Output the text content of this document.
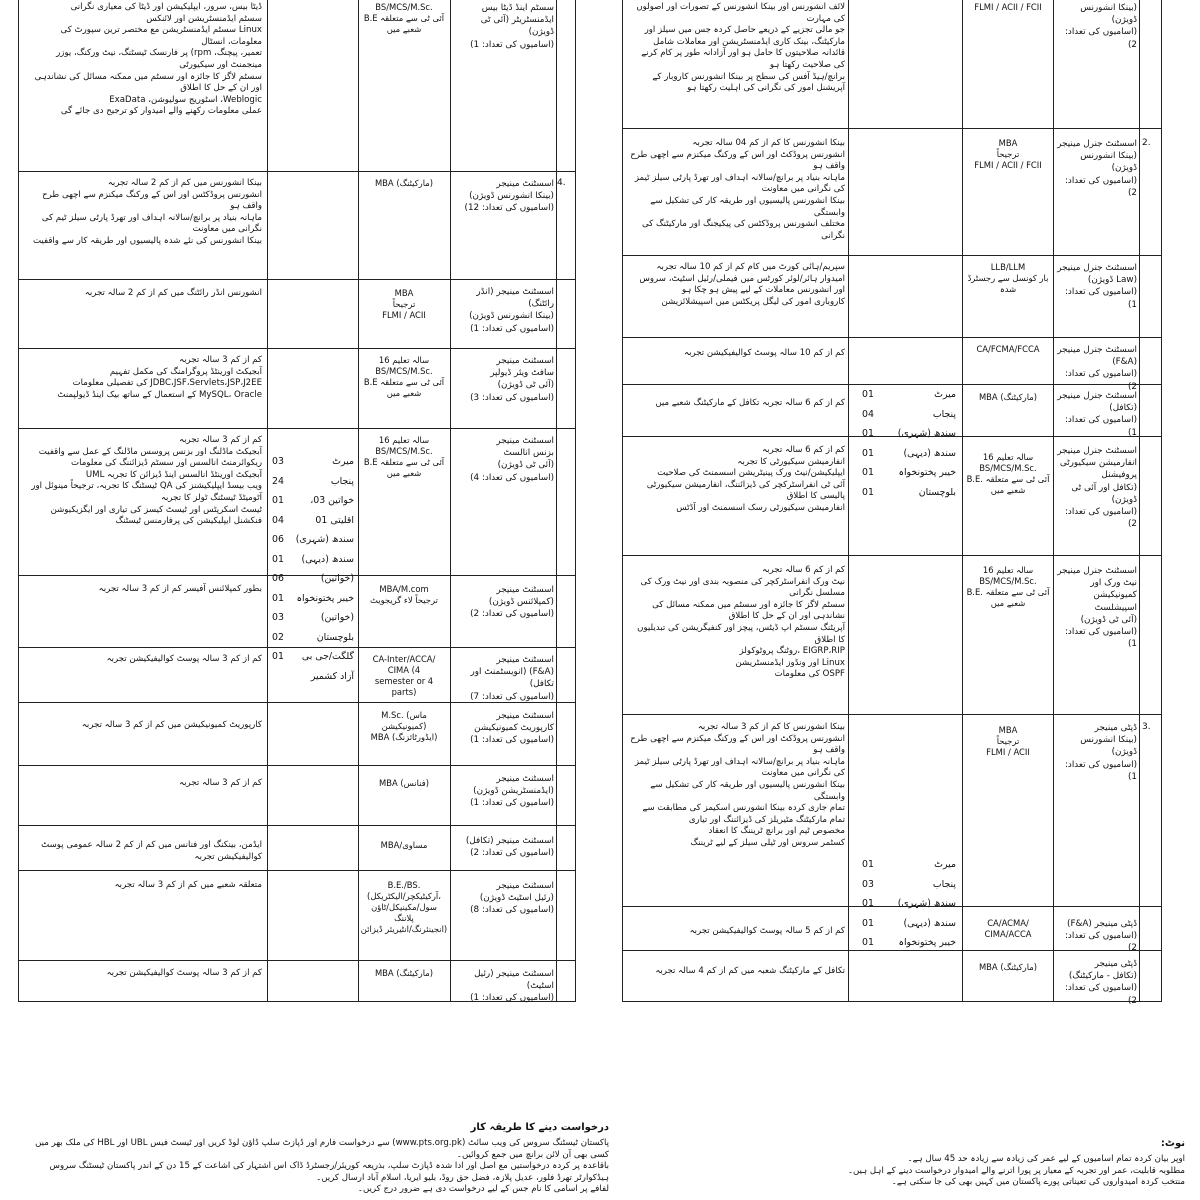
سسٹم اینڈ ڈیٹا بیس
ایڈمنسٹریٹر (آئی ٹی ڈویژن)
(اسامیوں کی تعداد: 1)
BS/MCS/M.Sc.
B.E آئی ٹی سے متعلقہ
شعبے میں
ڈیٹا بیس، سرور، ایپلیکیشن اور ڈیٹا کی معیاری نگرانی
سسٹم ایڈمنسٹریشن اور لائنکس
Linux سسٹم ایڈمنسٹریشن مع مختصر ترین سپورٹ کی معلومات، انسٹال
تعمیر، پیچنگ، rpm) پر فارنسک ٹیسٹنگ، نیٹ ورکنگ، یوزر مینجمنٹ اور سیکیورٹی
سسٹم لاگز کا جائزہ اور سسٹم میں ممکنہ مسائل کی نشاندہی اور ان کے حل کا اطلاق
Weblogic، اسٹوریج سولیوشن، ExaData
عملی معلومات رکھنے والے امیدوار کو ترجیح دی جائے گی
4.
اسسٹنٹ مینیجر
(بینکا انشورنس ڈویژن)
(اسامیوں کی تعداد: 12)
MBA (مارکیٹنگ)
بینکا انشورنس میں کم از کم 2 سالہ تجربہ
انشورنس پروڈکٹس اور اس کے ورکنگ میکنزم سے اچھی طرح واقف ہو
ماہانہ بنیاد پر برانچ/سالانہ اہداف اور تھرڈ پارٹی سیلز ٹیم کی نگرانی میں معاونت
بینکا انشورنس کی نئے شدہ پالیسیوں اور طریقہ کار سے واقفیت
اسسٹنٹ مینیجر (انڈر رائٹنگ)
(بینکا انشورنس ڈویژن)
(اسامیوں کی تعداد: 1)
MBA
ترجیحاً
FLMI / ACII
انشورنس انڈر رائٹنگ میں کم از کم 2 سالہ تجربہ
اسسٹنٹ مینیجر
سافٹ ویئر ڈیولپر
(آئی ٹی ڈویژن)
(اسامیوں کی تعداد: 3)
16 سالہ تعلیم
BS/MCS/M.Sc.
B.E آئی ٹی سے متعلقہ
شعبے میں
کم از کم 3 سالہ تجربہ
آبجیکٹ اورینٹڈ پروگرامنگ کی مکمل تفہیم
JDBC،JSF،Servlets،JSP،J2EE کی تفصیلی معلومات
MySQL، Oracle کے استعمال کے ساتھ بیک اینڈ ڈیولپمنٹ
اسسٹنٹ مینیجر
بزنس انالسٹ
(آئی ٹی ڈویژن)
(اسامیوں کی تعداد: 4)
16 سالہ تعلیم
BS/MCS/M.Sc.
B.E آئی ٹی سے متعلقہ
شعبے میں
کم از کم 3 سالہ تجربہ
آبجیکٹ ماڈلنگ اور بزنس پروسس ماڈلنگ کے عمل سے واقفیت
ریکوائرمنٹ انالسس اور سسٹم ڈیزائننگ کی معلومات
آبجیکٹ اورینٹڈ انالسس اینڈ ڈیزائن کا تجربہ UML
ویب بیسڈ ایپلیکیشنز کی QA ٹیسٹنگ کا تجربہ، ترجیحاً مینوئل اور آٹومیٹڈ ٹیسٹنگ ٹولز کا تجربہ
ٹیسٹ اسکرپٹس اور ٹیسٹ کیسز کی تیاری اور ایگزیکیوشن
فنکشنل ایپلیکیشن کی پرفارمنس ٹیسٹنگ
اسسٹنٹ مینیجر
(کمپلائنس ڈویژن)
(اسامیوں کی تعداد: 2)
MBA/M.com
ترجیحاً لاء گریجویٹ
بطور کمپلائنس آفیسر کم از کم 3 سالہ تجربہ
اسسٹنٹ مینیجر
(F&A) (انویسٹمنٹ اور تکافل)
(اسامیوں کی تعداد: 7)
CA-Inter/ACCA/
CIMA (4
semester or 4
parts)
کم از کم 3 سالہ پوسٹ کوالیفیکیشن تجربہ
اسسٹنٹ مینیجر
کارپوریٹ کمیونیکیشن
(اسامیوں کی تعداد: 1)
M.Sc. (ماس کمیونیکیشن)
MBA (ایڈورٹائزنگ)
کارپوریٹ کمیونیکیشن میں کم از کم 3 سالہ تجربہ
اسسٹنٹ مینیجر
(ایڈمنسٹریشن ڈویژن)
(اسامیوں کی تعداد: 1)
MBA (فنانس)
کم از کم 3 سالہ تجربہ
اسسٹنٹ مینیجر (تکافل)
(اسامیوں کی تعداد: 2)
MBA/مساوی
ایڈمن، بینکنگ اور فنانس میں کم از کم 2 سالہ عمومی پوسٹ کوالیفیکیشن تجربہ
اسسٹنٹ مینیجر
(رئیل اسٹیٹ ڈویژن)
(اسامیوں کی تعداد: 8)
B.E./BS.
(آرکیٹیکچر/الیکٹریکل،
سول/مکینیکل/ٹاؤن پلاننگ
انجینئرنگ/انٹیریئر ڈیزائن)
متعلقہ شعبے میں کم از کم 3 سالہ تجربہ
اسسٹنٹ مینیجر (رئیل اسٹیٹ)
(اسامیوں کی تعداد: 1)
MBA (مارکیٹنگ)
کم از کم 3 سالہ پوسٹ کوالیفیکیشن تجربہ
میرٹ
پنجاب
خواتین 03، اقلیتی 01
سندھ (شہری)
سندھ (دیہی)
(خواتین)
خیبر پختونخواہ
(خواتین)
بلوچستان
گلگت/جی بی
آزاد کشمیر
03
24
01
04
06
01
06
01
03
02
01
(بینکا انشورنس ڈویژن)
(اسامیوں کی تعداد: 2)
FLMI / ACII / FCII
لائف انشورنس اور بینکا انشورنس کے تصورات اور اصولوں کی مہارت
جو مالی تجزیے کے ذریعے حاصل کردہ جس میں سیلز اور مارکیٹنگ، بینک کاری ایڈمنسٹریشن اور معاملات شامل
قائدانہ صلاحیتوں کا حامل ہو اور آزادانہ طور پر کام کرنے کی صلاحیت رکھتا ہو
برانچ/ہیڈ آفس کی سطح پر بینکا انشورنس کاروبار کے آپریشنل امور کی نگرانی کی اہلیت رکھتا ہو
2.
اسسٹنٹ جنرل مینیجر
(بینکا انشورنس ڈویژن)
(اسامیوں کی تعداد: 2)
MBA
ترجیحاً
FLMI / ACII / FCII
بینکا انشورنس کا کم از کم 04 سالہ تجربہ
انشورنس پروڈکٹ اور اس کے ورکنگ میکنزم سے اچھی طرح واقف ہو
ماہانہ بنیاد پر برانچ/سالانہ اہداف اور تھرڈ پارٹی سیلز ٹیمز کی نگرانی میں معاونت
بینکا انشورنس پالیسیوں اور طریقہ کار کی تشکیل سے وابستگی
مختلف انشورنس پروڈکٹس کی پیکیجنگ اور مارکیٹنگ کی نگرانی
اسسٹنٹ جنرل مینیجر
(Law ڈویژن)
(اسامیوں کی تعداد: 1)
LLB/LLM
بار کونسل سے رجسٹرڈ شدہ
سپریم/ہائی کورٹ میں کام کم از کم 10 سالہ تجربہ
امیدوار ہائر/لوئر کورٹس میں فیملی/رئیل اسٹیٹ، سروس اور انشورنس معاملات کے لیے پیش ہو چکا ہو
کاروباری امور کی لیگل پریکٹس میں اسپیشلائزیشن
اسسٹنٹ جنرل مینیجر (F&A)
(اسامیوں کی تعداد: 2)
CA/FCMA/FCCA
کم از کم 10 سالہ پوسٹ کوالیفیکیشن تجربہ
اسسٹنٹ جنرل مینیجر (تکافل)
(اسامیوں کی تعداد: 1)
MBA (مارکیٹنگ)
کم از کم 6 سالہ تجربہ تکافل کے مارکیٹنگ شعبے میں
اسسٹنٹ جنرل مینیجر
انفارمیشن سیکیورٹی پروفیشنل
(تکافل اور آئی ٹی ڈویژن)
(اسامیوں کی تعداد: 2)
16 سالہ تعلیم
BS/MCS/M.Sc.
B.E. آئی ٹی سے متعلقہ
شعبے میں
کم از کم 6 سالہ تجربہ
انفارمیشن سیکیورٹی کا تجربہ
ایپلیکیشن/نیٹ ورک پینیٹریشن اسسمنٹ کی صلاحیت
آئی ٹی انفراسٹرکچر کی ڈیزائننگ، انفارمیشن سیکیورٹی پالیسی کا اطلاق
انفارمیشن سیکیورٹی رسک اسسمنٹ اور آڈٹس
اسسٹنٹ جنرل مینیجر
نیٹ ورک اور کمیونیکیشن
اسپیشلسٹ
(آئی ٹی ڈویژن)
(اسامیوں کی تعداد: 1)
16 سالہ تعلیم
BS/MCS/M.Sc.
B.E. آئی ٹی سے متعلقہ
شعبے میں
کم از کم 6 سالہ تجربہ
نیٹ ورک انفراسٹرکچر کی منصوبہ بندی اور نیٹ ورک کی مسلسل نگرانی
سسٹم لاگز کا جائزہ اور سسٹم میں ممکنہ مسائل کی نشاندہی اور ان کے حل کا اطلاق
آپریٹنگ سسٹم اپ ڈیٹس، پیچز اور کنفیگریشن کی تبدیلیوں کا اطلاق
EIGRP،RIP ،روٹنگ پروٹوکولز
Linux اور ونڈوز ایڈمنسٹریشن
OSPF کی معلومات
3.
ڈپٹی مینیجر
(بینکا انشورنس ڈویژن)
(اسامیوں کی تعداد: 1)
MBA
ترجیحاً
FLMI / ACII
بینکا انشورنس کا کم از کم 3 سالہ تجربہ
انشورنس پروڈکٹ اور اس کے ورکنگ میکنزم سے اچھی طرح واقف ہو
ماہانہ بنیاد پر برانچ/سالانہ اہداف اور تھرڈ پارٹی سیلز ٹیمز کی نگرانی میں معاونت
بینکا انشورنس پالیسیوں اور طریقہ کار کی تشکیل سے وابستگی
تمام جاری کردہ بینکا انشورنس اسکیمز کی مطابقت سے تمام مارکیٹنگ مٹیریلز کی ڈیزائننگ اور تیاری
مخصوص ٹیم اور برانچ ٹریننگ کا انعقاد
کسٹمر سروس اور ٹیلی سیلز کے لیے ٹریننگ
ڈپٹی مینیجر (F&A)
(اسامیوں کی تعداد: 2)
CA/ACMA/
CIMA/ACCA
کم از کم 5 سالہ پوسٹ کوالیفیکیشن تجربہ
ڈپٹی مینیجر
(تکافل - مارکیٹنگ)
(اسامیوں کی تعداد: 2)
MBA (مارکیٹنگ)
تکافل کے مارکیٹنگ شعبہ میں کم از کم 4 سالہ تجربہ
میرٹ
پنجاب
سندھ (شہری)
سندھ (دیہی)
خیبر پختونخواہ
بلوچستان
01
04
01
01
01
01
میرٹ
پنجاب
سندھ (شہری)
سندھ (دیہی)
خیبر پختونخواہ
01
03
01
01
01
درخواست دینے کا طریقہ کار
پاکستان ٹیسٹنگ سروس کی ویب سائٹ (www.pts.org.pk) سے درخواست فارم اور ڈپازٹ سلپ ڈاؤن لوڈ کریں اور ٹیسٹ فیس UBL اور HBL کی ملک بھر میں کسی بھی آن لائن برانچ میں جمع کروائیں۔
باقاعدہ پر کردہ درخواستیں مع اصل اور ادا شدہ ڈپازٹ سلپ، بذریعہ کوریئر/رجسٹرڈ ڈاک اس اشتہار کی اشاعت کے 15 دن کے اندر پاکستان ٹیسٹنگ سروس ہیڈکوارٹر تھرڈ فلور، عدیل پلازہ، فضل حق روڈ، بلیو ایریا، اسلام آباد ارسال کریں۔
لفافے پر اسامی کا نام جس کے لیے درخواست دی ہے ضرور درج کریں۔
نوٹ:
اوپر بیان کردہ تمام اسامیوں کے لیے عمر کی زیادہ سے زیادہ حد 45 سال ہے۔
مطلوبہ قابلیت، عمر اور تجربہ کے معیار پر پورا اترنے والے امیدوار درخواست دینے کے اہل ہیں۔
منتخب کردہ امیدواروں کی تعیناتی پورے پاکستان میں کہیں بھی کی جا سکتی ہے۔
